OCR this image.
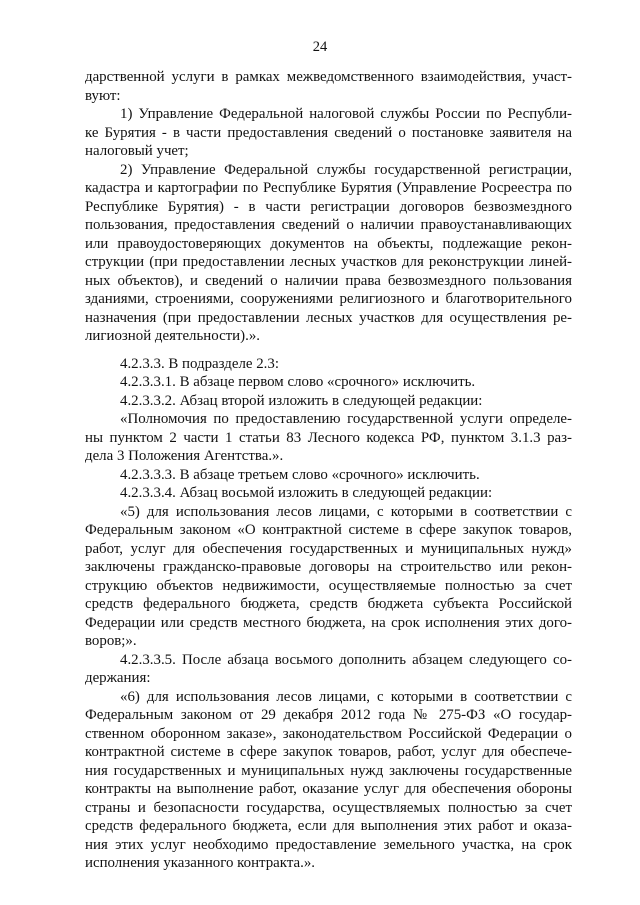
24
дарственной услуги в рамках межведомственного взаимодействия, участ-
вуют:
1) Управление Федеральной налоговой службы России по Республи-
ке Бурятия - в части предоставления сведений о постановке заявителя на
налоговый учет;
2) Управление Федеральной службы государственной регистрации,
кадастра и картографии по Республике Бурятия (Управление Росреестра по
Республике Бурятия) - в части регистрации договоров безвозмездного
пользования, предоставления сведений о наличии правоустанавливающих
или правоудостоверяющих документов на объекты, подлежащие рекон-
струкции (при предоставлении лесных участков для реконструкции линей-
ных объектов), и сведений о наличии права безвозмездного пользования
зданиями, строениями, сооружениями религиозного и благотворительного
назначения (при предоставлении лесных участков для осуществления ре-
лигиозной деятельности).».
4.2.3.3. В подразделе 2.3:
4.2.3.3.1. В абзаце первом слово «срочного» исключить.
4.2.3.3.2. Абзац второй изложить в следующей редакции:
«Полномочия по предоставлению государственной услуги определе-
ны пунктом 2 части 1 статьи 83 Лесного кодекса РФ, пунктом 3.1.3 раз-
дела 3 Положения Агентства.».
4.2.3.3.3. В абзаце третьем слово «срочного» исключить.
4.2.3.3.4. Абзац восьмой изложить в следующей редакции:
«5) для использования лесов лицами, с которыми в соответствии с
Федеральным законом «О контрактной системе в сфере закупок товаров,
работ, услуг для обеспечения государственных и муниципальных нужд»
заключены гражданско-правовые договоры на строительство или рекон-
струкцию объектов недвижимости, осуществляемые полностью за счет
средств федерального бюджета, средств бюджета субъекта Российской
Федерации или средств местного бюджета, на срок исполнения этих дого-
воров;».
4.2.3.3.5. После абзаца восьмого дополнить абзацем следующего со-
держания:
«6) для использования лесов лицами, с которыми в соответствии с
Федеральным законом от 29 декабря 2012 года № 275-ФЗ «О государ-
ственном оборонном заказе», законодательством Российской Федерации о
контрактной системе в сфере закупок товаров, работ, услуг для обеспече-
ния государственных и муниципальных нужд заключены государственные
контракты на выполнение работ, оказание услуг для обеспечения обороны
страны и безопасности государства, осуществляемых полностью за счет
средств федерального бюджета, если для выполнения этих работ и оказа-
ния этих услуг необходимо предоставление земельного участка, на срок
исполнения указанного контракта.».
